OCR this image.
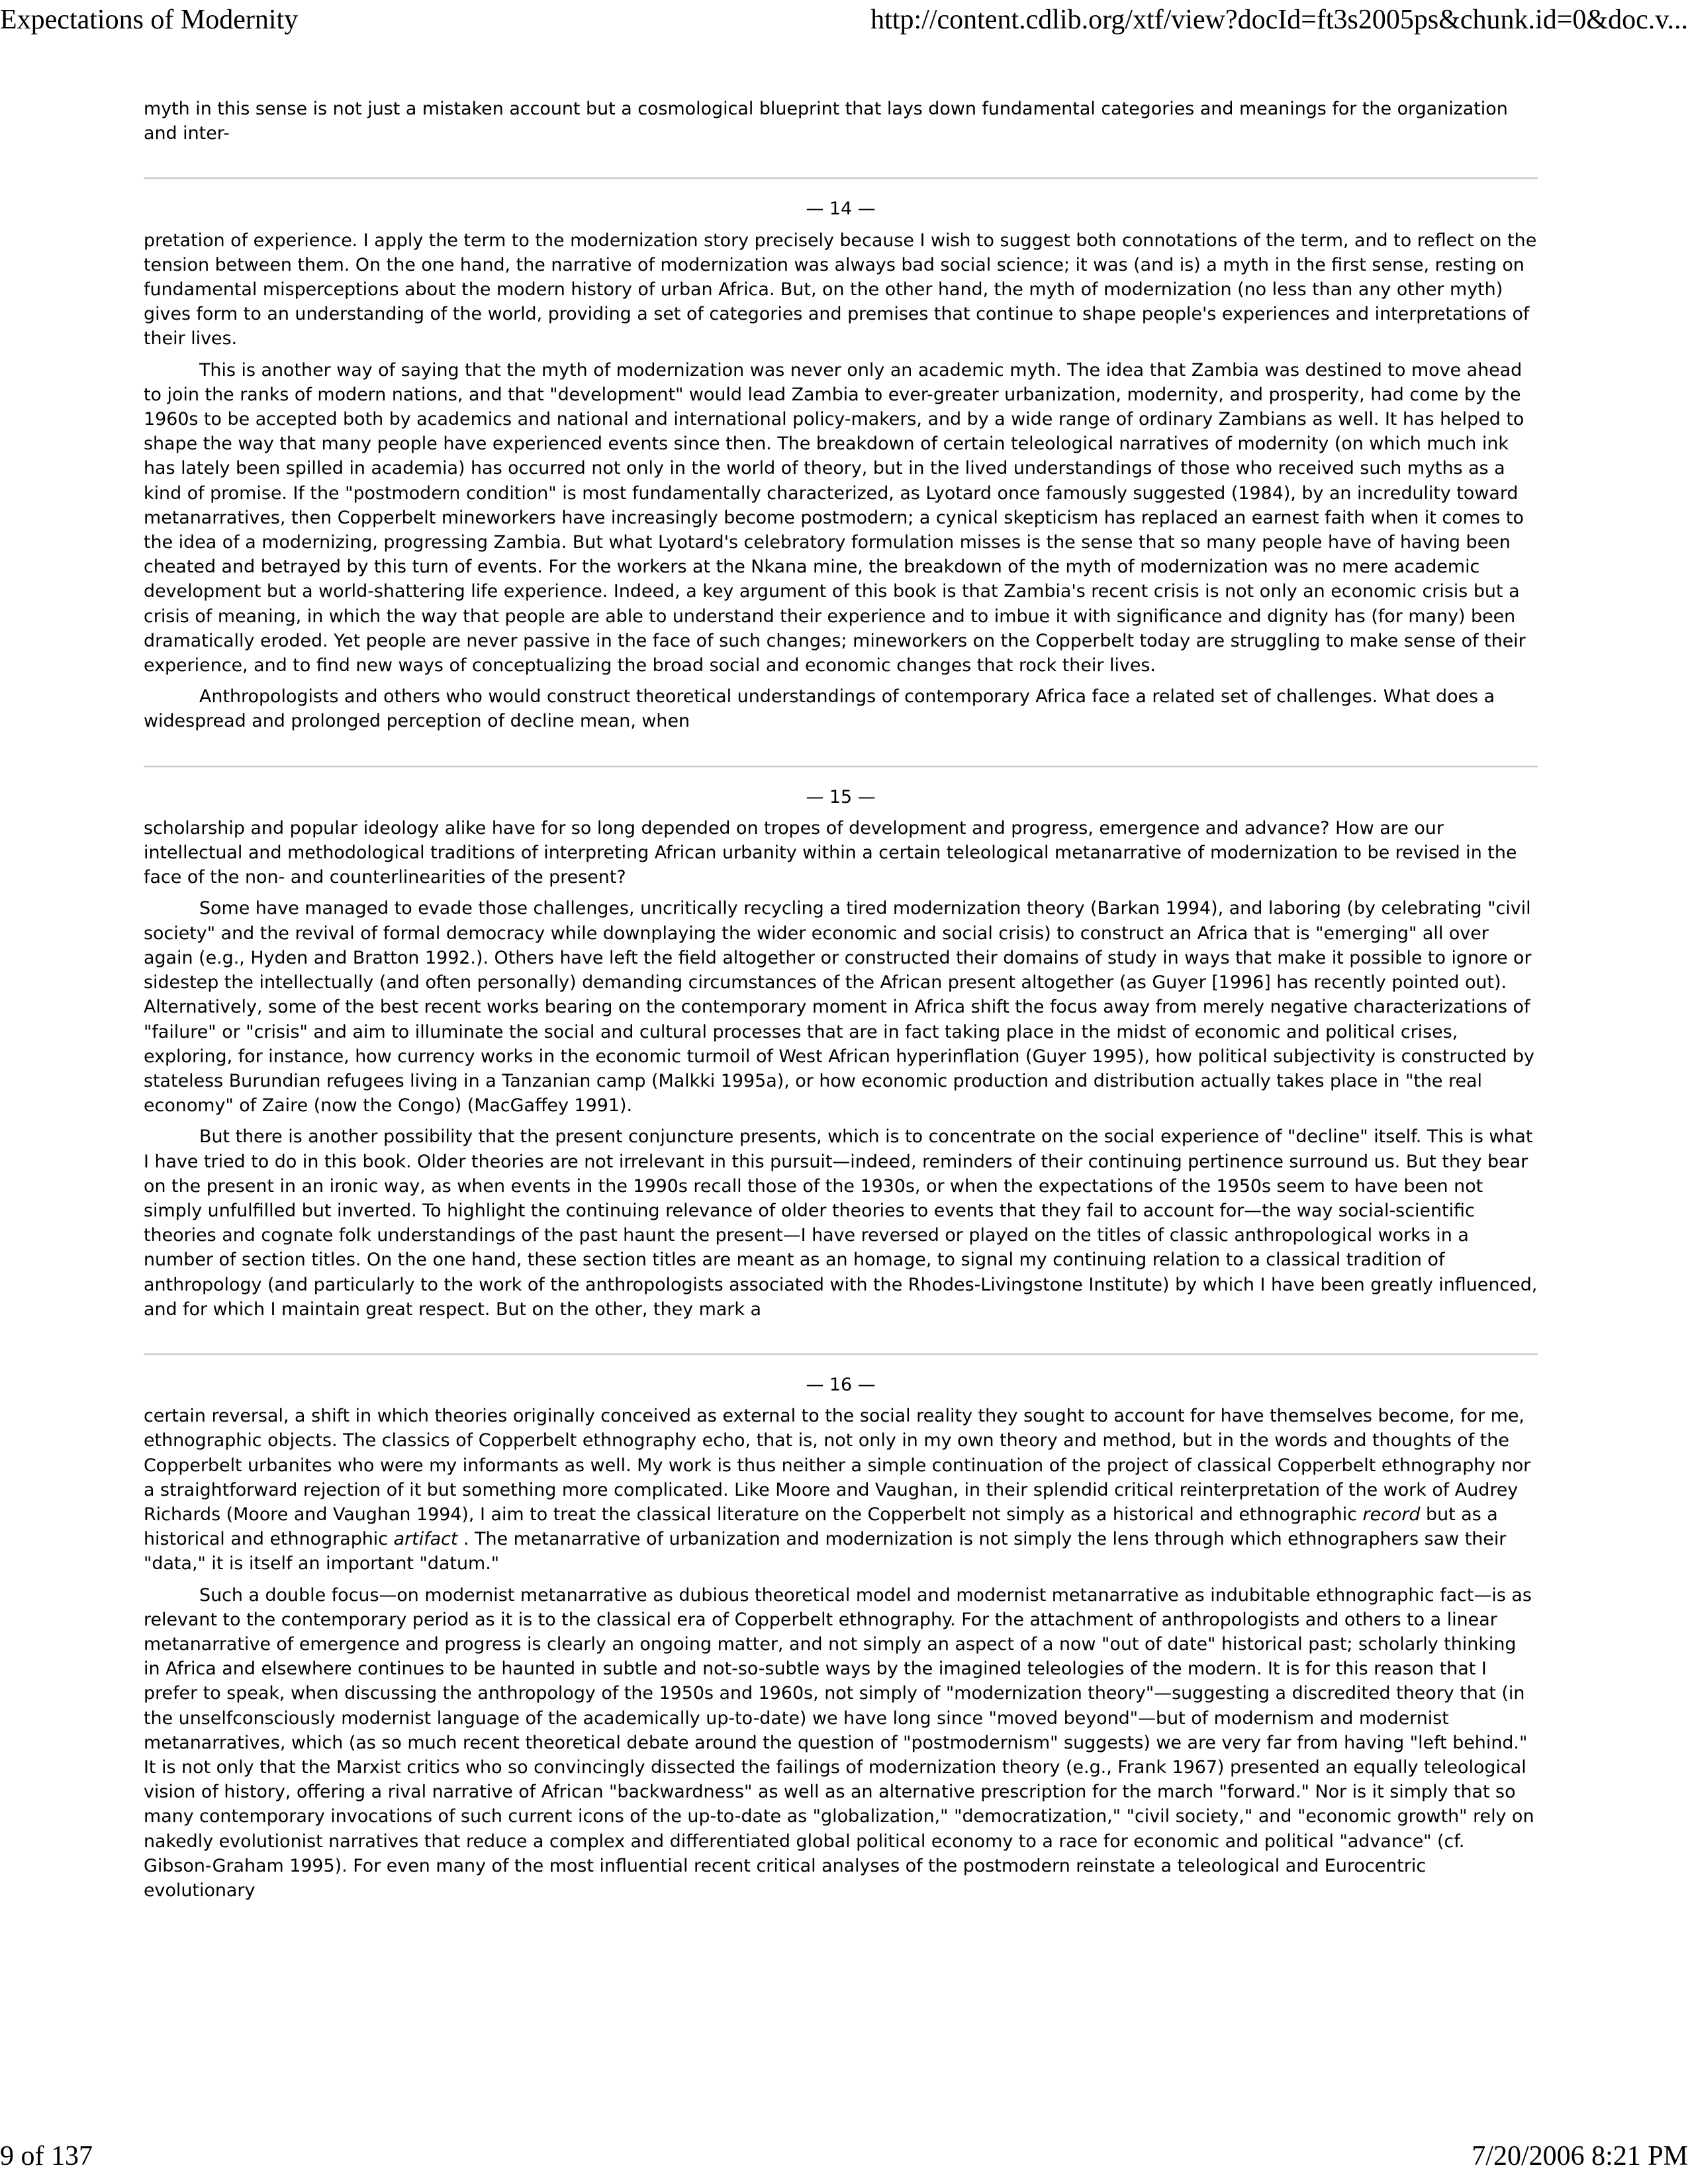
Expectations of Modernity	http://content.cdlib.org/xtf/view?docId=ft3s2005ps&chunk.id=0&doc.v...

myth in this sense is not just a mistaken account but a cosmological blueprint that lays down fundamental categories and meanings for the organization and inter-

— 14 —

pretation of experience. I apply the term to the modernization story precisely because I wish to suggest both connotations of the term, and to reflect on the tension between them. On the one hand, the narrative of modernization was always bad social science; it was (and is) a myth in the first sense, resting on fundamental misperceptions about the modern history of urban Africa. But, on the other hand, the myth of modernization (no less than any other myth) gives form to an understanding of the world, providing a set of categories and premises that continue to shape people's experiences and interpretations of their lives.

This is another way of saying that the myth of modernization was never only an academic myth. The idea that Zambia was destined to move ahead to join the ranks of modern nations, and that "development" would lead Zambia to ever-greater urbanization, modernity, and prosperity, had come by the 1960s to be accepted both by academics and national and international policy-makers, and by a wide range of ordinary Zambians as well. It has helped to shape the way that many people have experienced events since then. The breakdown of certain teleological narratives of modernity (on which much ink has lately been spilled in academia) has occurred not only in the world of theory, but in the lived understandings of those who received such myths as a kind of promise. If the "postmodern condition" is most fundamentally characterized, as Lyotard once famously suggested (1984), by an incredulity toward metanarratives, then Copperbelt mineworkers have increasingly become postmodern; a cynical skepticism has replaced an earnest faith when it comes to the idea of a modernizing, progressing Zambia. But what Lyotard's celebratory formulation misses is the sense that so many people have of having been cheated and betrayed by this turn of events. For the workers at the Nkana mine, the breakdown of the myth of modernization was no mere academic development but a world-shattering life experience. Indeed, a key argument of this book is that Zambia's recent crisis is not only an economic crisis but a crisis of meaning, in which the way that people are able to understand their experience and to imbue it with significance and dignity has (for many) been dramatically eroded. Yet people are never passive in the face of such changes; mineworkers on the Copperbelt today are struggling to make sense of their experience, and to find new ways of conceptualizing the broad social and economic changes that rock their lives.

Anthropologists and others who would construct theoretical understandings of contemporary Africa face a related set of challenges. What does a widespread and prolonged perception of decline mean, when

— 15 —

scholarship and popular ideology alike have for so long depended on tropes of development and progress, emergence and advance? How are our intellectual and methodological traditions of interpreting African urbanity within a certain teleological metanarrative of modernization to be revised in the face of the non- and counterlinearities of the present?

Some have managed to evade those challenges, uncritically recycling a tired modernization theory (Barkan 1994), and laboring (by celebrating "civil society" and the revival of formal democracy while downplaying the wider economic and social crisis) to construct an Africa that is "emerging" all over again (e.g., Hyden and Bratton 1992.). Others have left the field altogether or constructed their domains of study in ways that make it possible to ignore or sidestep the intellectually (and often personally) demanding circumstances of the African present altogether (as Guyer [1996] has recently pointed out). Alternatively, some of the best recent works bearing on the contemporary moment in Africa shift the focus away from merely negative characterizations of "failure" or "crisis" and aim to illuminate the social and cultural processes that are in fact taking place in the midst of economic and political crises, exploring, for instance, how currency works in the economic turmoil of West African hyperinflation (Guyer 1995), how political subjectivity is constructed by stateless Burundian refugees living in a Tanzanian camp (Malkki 1995a), or how economic production and distribution actually takes place in "the real economy" of Zaire (now the Congo) (MacGaffey 1991).

But there is another possibility that the present conjuncture presents, which is to concentrate on the social experience of "decline" itself. This is what I have tried to do in this book. Older theories are not irrelevant in this pursuit—indeed, reminders of their continuing pertinence surround us. But they bear on the present in an ironic way, as when events in the 1990s recall those of the 1930s, or when the expectations of the 1950s seem to have been not simply unfulfilled but inverted. To highlight the continuing relevance of older theories to events that they fail to account for—the way social-scientific theories and cognate folk understandings of the past haunt the present—I have reversed or played on the titles of classic anthropological works in a number of section titles. On the one hand, these section titles are meant as an homage, to signal my continuing relation to a classical tradition of anthropology (and particularly to the work of the anthropologists associated with the Rhodes-Livingstone Institute) by which I have been greatly influenced, and for which I maintain great respect. But on the other, they mark a

— 16 —

certain reversal, a shift in which theories originally conceived as external to the social reality they sought to account for have themselves become, for me, ethnographic objects. The classics of Copperbelt ethnography echo, that is, not only in my own theory and method, but in the words and thoughts of the Copperbelt urbanites who were my informants as well. My work is thus neither a simple continuation of the project of classical Copperbelt ethnography nor a straightforward rejection of it but something more complicated. Like Moore and Vaughan, in their splendid critical reinterpretation of the work of Audrey Richards (Moore and Vaughan 1994), I aim to treat the classical literature on the Copperbelt not simply as a historical and ethnographic record but as a historical and ethnographic artifact . The metanarrative of urbanization and modernization is not simply the lens through which ethnographers saw their "data," it is itself an important "datum."

Such a double focus—on modernist metanarrative as dubious theoretical model and modernist metanarrative as indubitable ethnographic fact—is as relevant to the contemporary period as it is to the classical era of Copperbelt ethnography. For the attachment of anthropologists and others to a linear metanarrative of emergence and progress is clearly an ongoing matter, and not simply an aspect of a now "out of date" historical past; scholarly thinking in Africa and elsewhere continues to be haunted in subtle and not-so-subtle ways by the imagined teleologies of the modern. It is for this reason that I prefer to speak, when discussing the anthropology of the 1950s and 1960s, not simply of "modernization theory"—suggesting a discredited theory that (in the unselfconsciously modernist language of the academically up-to-date) we have long since "moved beyond"—but of modernism and modernist metanarratives, which (as so much recent theoretical debate around the question of "postmodernism" suggests) we are very far from having "left behind." It is not only that the Marxist critics who so convincingly dissected the failings of modernization theory (e.g., Frank 1967) presented an equally teleological vision of history, offering a rival narrative of African "backwardness" as well as an alternative prescription for the march "forward." Nor is it simply that so many contemporary invocations of such current icons of the up-to-date as "globalization," "democratization," "civil society," and "economic growth" rely on nakedly evolutionist narratives that reduce a complex and differentiated global political economy to a race for economic and political "advance" (cf. Gibson-Graham 1995). For even many of the most influential recent critical analyses of the postmodern reinstate a teleological and Eurocentric evolutionary

9 of 137	7/20/2006 8:21 PM
